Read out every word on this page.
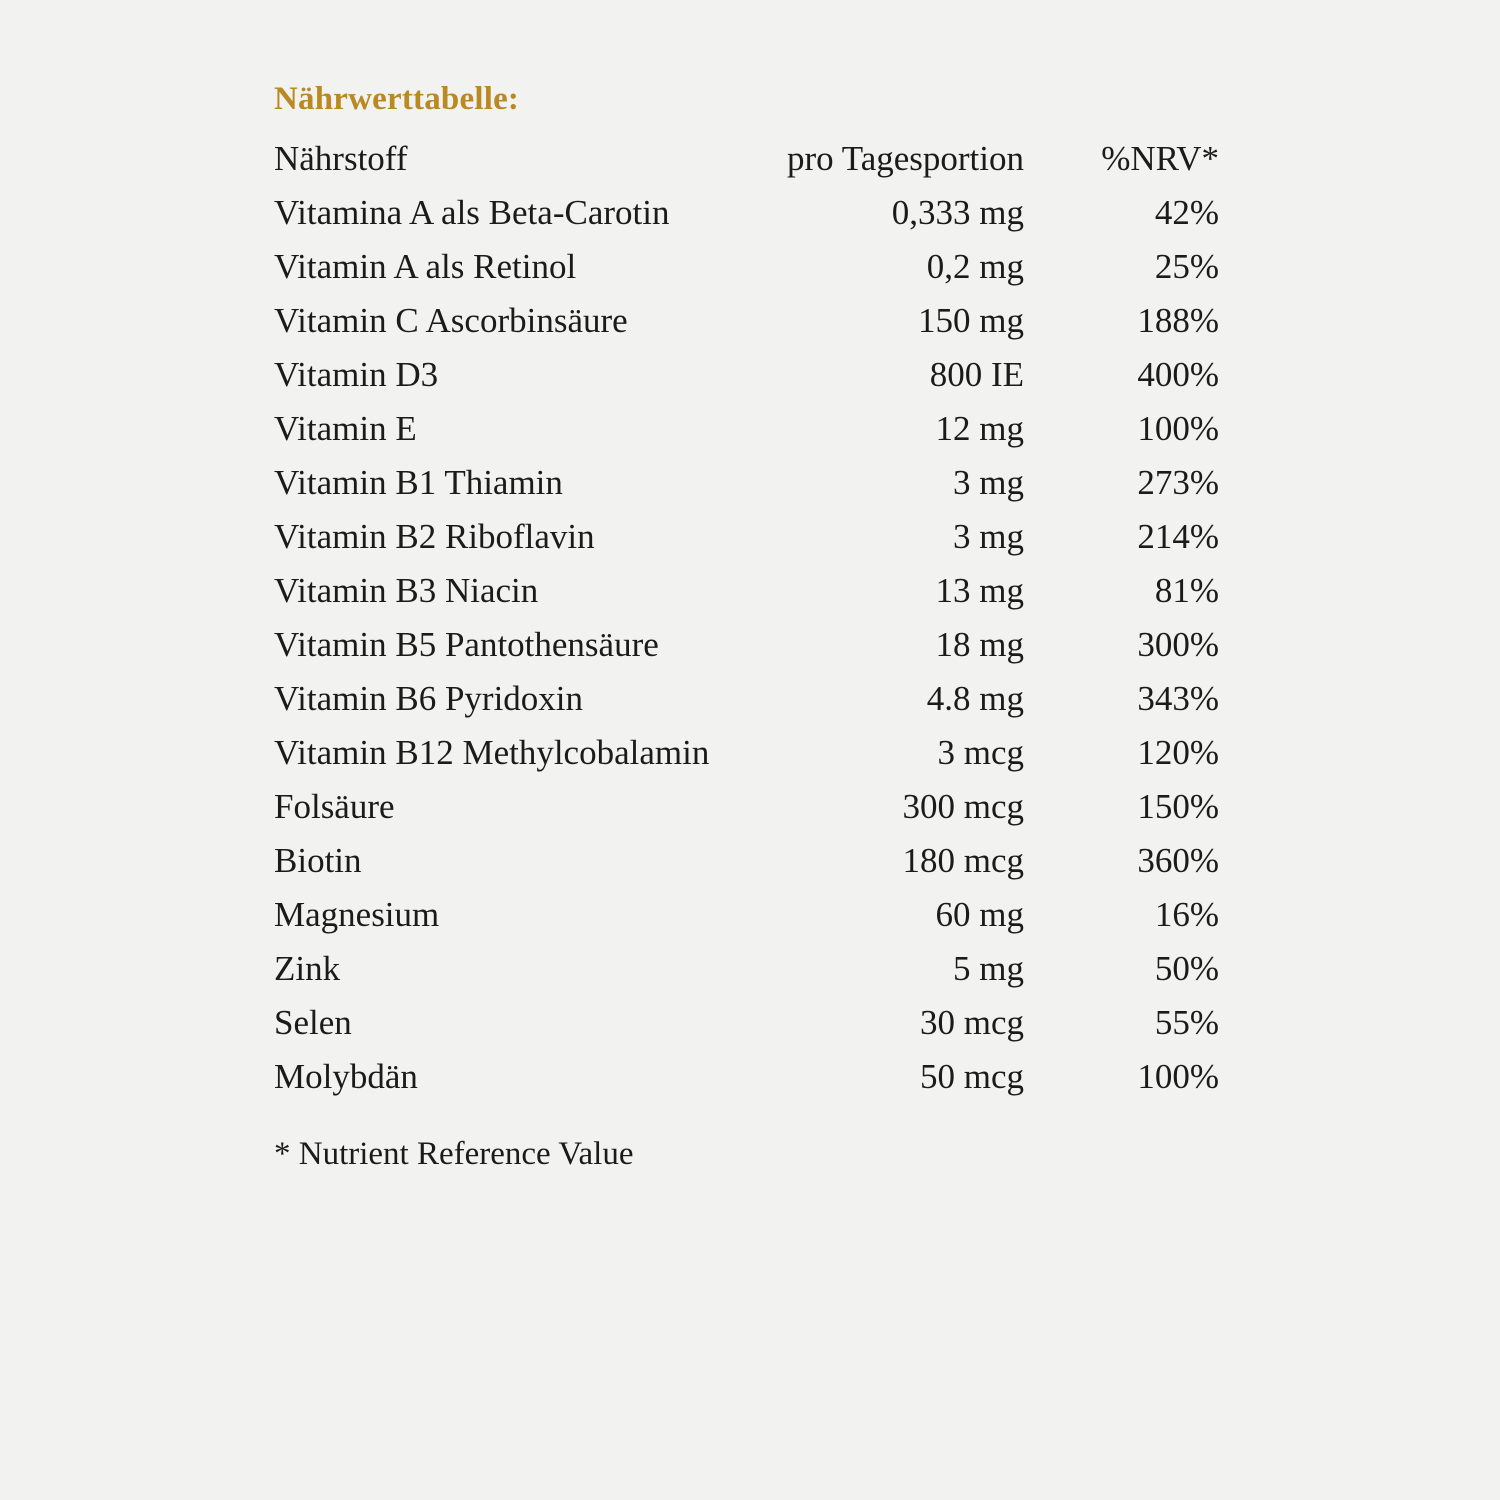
Nährwerttabelle:
Nährstoff	pro Tagesportion	%NRV*
Vitamina A als Beta-Carotin	0,333 mg	42%
Vitamin A als Retinol	0,2 mg	25%
Vitamin C Ascorbinsäure	150 mg	188%
Vitamin D3	800 IE	400%
Vitamin E	12 mg	100%
Vitamin B1 Thiamin	3 mg	273%
Vitamin B2 Riboflavin	3 mg	214%
Vitamin B3 Niacin	13 mg	81%
Vitamin B5 Pantothensäure	18 mg	300%
Vitamin B6 Pyridoxin	4.8 mg	343%
Vitamin B12 Methylcobalamin	3 mcg	120%
Folsäure	300 mcg	150%
Biotin	180 mcg	360%
Magnesium	60 mg	16%
Zink	5 mg	50%
Selen	30 mcg	55%
Molybdän	50 mcg	100%
* Nutrient Reference Value
